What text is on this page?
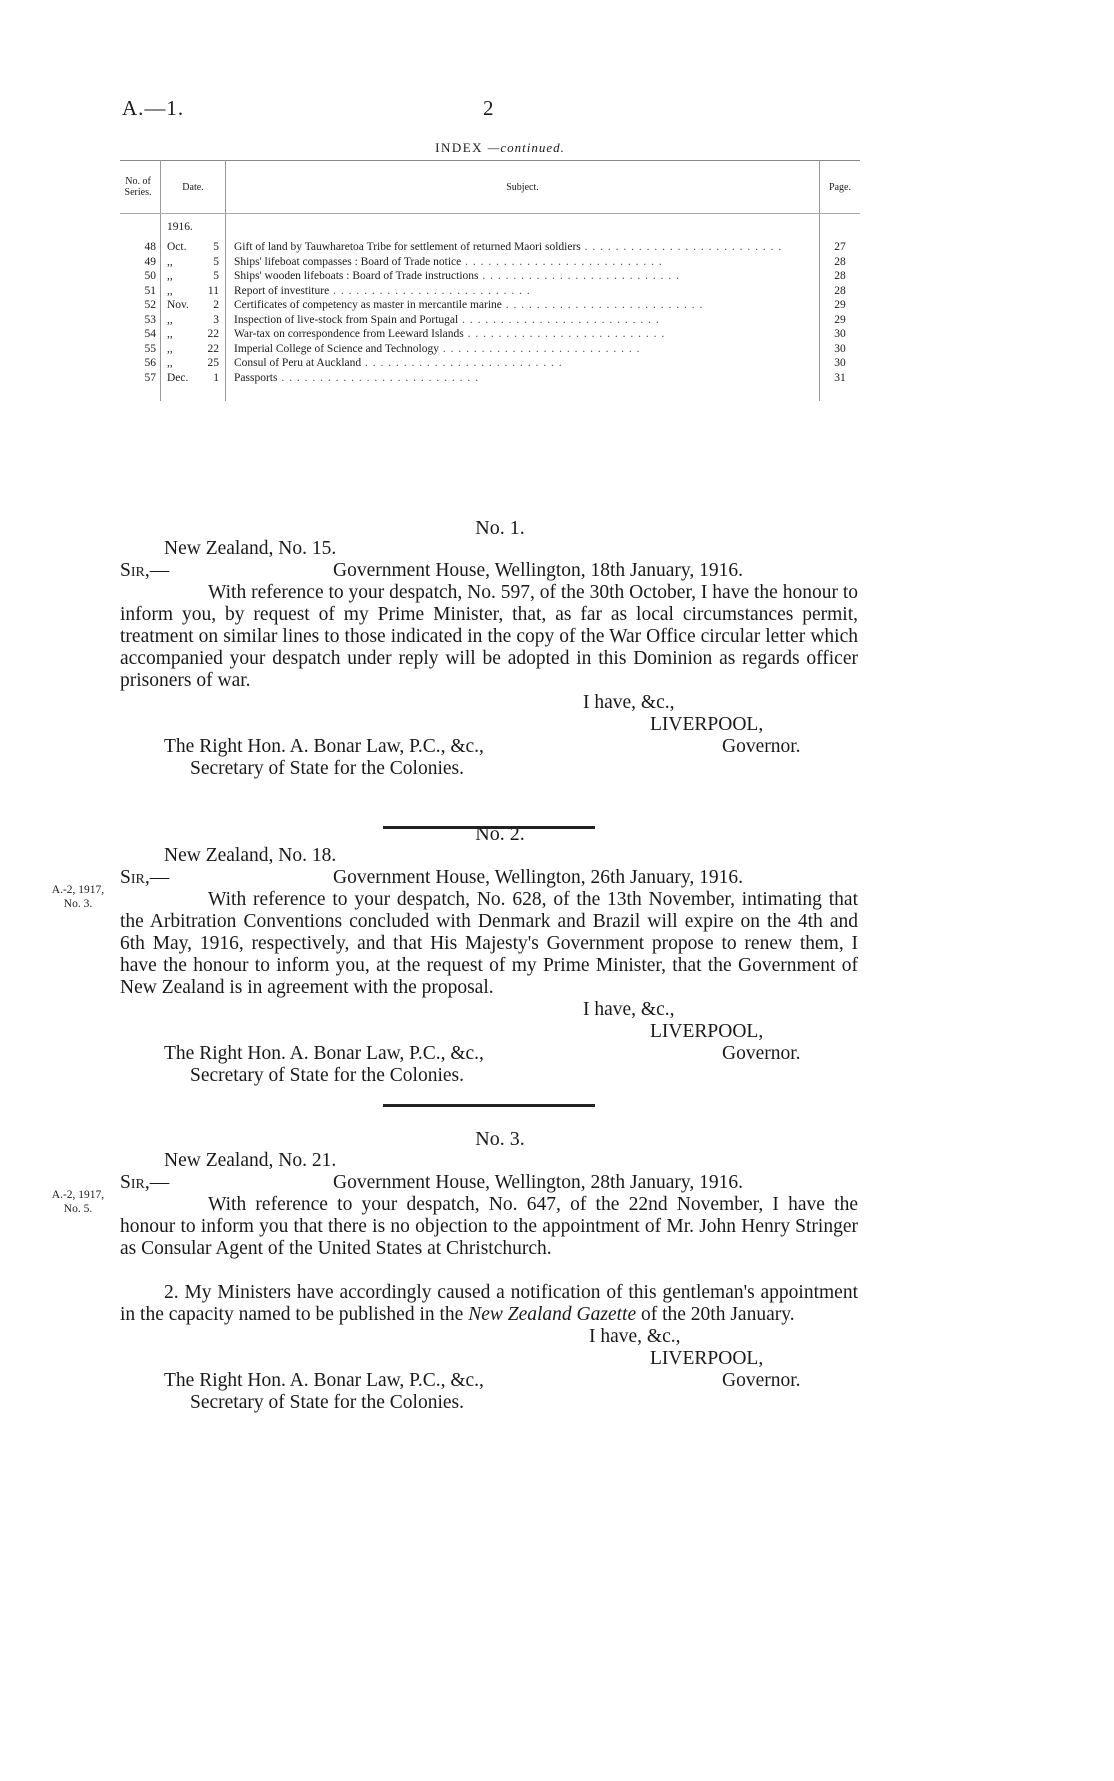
A.—1.	2
INDEX —continued.
No. of Series.	Date.		Subject.	Page.
	1916.			
48	Oct.	5	Gift of land by Tauwharetoa Tribe for settlement of returned Maori soldiers . . . . . . . . . . . . . . . . . . . . . . . . . .	27
49	,,	5	Ships' lifeboat compasses : Board of Trade notice . . . . . . . . . . . . . . . . . . . . . . . . . .	28
50	,,	5	Ships' wooden lifeboats : Board of Trade instructions . . . . . . . . . . . . . . . . . . . . . . . . . .	28
51	,,	11	Report of investiture . . . . . . . . . . . . . . . . . . . . . . . . . .	28
52	Nov.	2	Certificates of competency as master in mercantile marine . . . . . . . . . . . . . . . . . . . . . . . . . .	29
53	,,	3	Inspection of live-stock from Spain and Portugal . . . . . . . . . . . . . . . . . . . . . . . . . .	29
54	,,	22	War-tax on correspondence from Leeward Islands . . . . . . . . . . . . . . . . . . . . . . . . . .	30
55	,,	22	Imperial College of Science and Technology . . . . . . . . . . . . . . . . . . . . . . . . . .	30
56	,,	25	Consul of Peru at Auckland . . . . . . . . . . . . . . . . . . . . . . . . . .	30
57	Dec.	1	Passports . . . . . . . . . . . . . . . . . . . . . . . . . .	31

No. 1.
New Zealand, No. 15.
Sir,—	Government House, Wellington, 18th January, 1916.
With reference to your despatch, No. 597, of the 30th October, I have the honour to inform you, by request of my Prime Minister, that, as far as local circumstances permit, treatment on similar lines to those indicated in the copy of the War Office circular letter which accompanied your despatch under reply will be adopted in this Dominion as regards officer prisoners of war.
I have, &c.,
LIVERPOOL,
The Right Hon. A. Bonar Law, P.C., &c.,	Governor.
Secretary of State for the Colonies.
No. 2.
New Zealand, No. 18.
Sir,—	Government House, Wellington, 26th January, 1916.
A.-2, 1917,
No. 3.	With reference to your despatch, No. 628, of the 13th November, intimating that the Arbitration Conventions concluded with Denmark and Brazil will expire on the 4th and 6th May, 1916, respectively, and that His Majesty's Government propose to renew them, I have the honour to inform you, at the request of my Prime Minister, that the Government of New Zealand is in agreement with the proposal.
I have, &c.,
LIVERPOOL,
The Right Hon. A. Bonar Law, P.C., &c.,	Governor.
Secretary of State for the Colonies.
No. 3.
New Zealand, No. 21.
Sir,—	Government House, Wellington, 28th January, 1916.
A.-2, 1917,
No. 5.	With reference to your despatch, No. 647, of the 22nd November, I have the honour to inform you that there is no objection to the appointment of Mr. John Henry Stringer as Consular Agent of the United States at Christchurch.
2. My Ministers have accordingly caused a notification of this gentleman's appointment in the capacity named to be published in the New Zealand Gazette of the 20th January.
I have, &c.,
LIVERPOOL,
The Right Hon. A. Bonar Law, P.C., &c.,	Governor.
Secretary of State for the Colonies.
